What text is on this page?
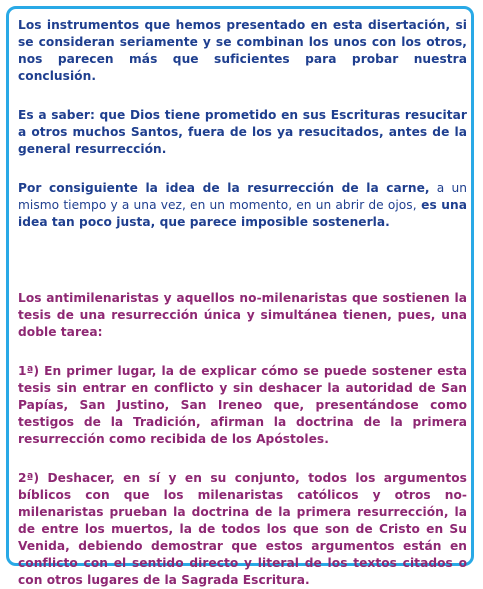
Los instrumentos que hemos presentado en esta disertación, si se consideran seriamente y se combinan los unos con los otros, nos parecen más que suficientes para probar nuestra conclusión.

Es a saber: que Dios tiene prometido en sus Escrituras resucitar a otros muchos Santos, fuera de los ya resucitados, antes de la general resurrección.

Por consiguiente la idea de la resurrección de la carne, a un mismo tiempo y a una vez, en un momento, en un abrir de ojos, es una idea tan poco justa, que parece imposible sostenerla.

Los antimilenaristas y aquellos no-milenaristas que sostienen la tesis de una resurrección única y simultánea tienen, pues, una doble tarea:

1ª) En primer lugar, la de explicar cómo se puede sostener esta tesis sin entrar en conflicto y sin deshacer la autoridad de San Papías, San Justino, San Ireneo que, presentándose como testigos de la Tradición, afirman la doctrina de la primera resurrección como recibida de los Apóstoles.

2ª) Deshacer, en sí y en su conjunto, todos los argumentos bíblicos con que los milenaristas católicos y otros no-milenaristas prueban la doctrina de la primera resurrección, la de entre los muertos, la de todos los que son de Cristo en Su Venida, debiendo demostrar que estos argumentos están en conflicto con el sentido directo y literal de los textos citados o con otros lugares de la Sagrada Escritura.
